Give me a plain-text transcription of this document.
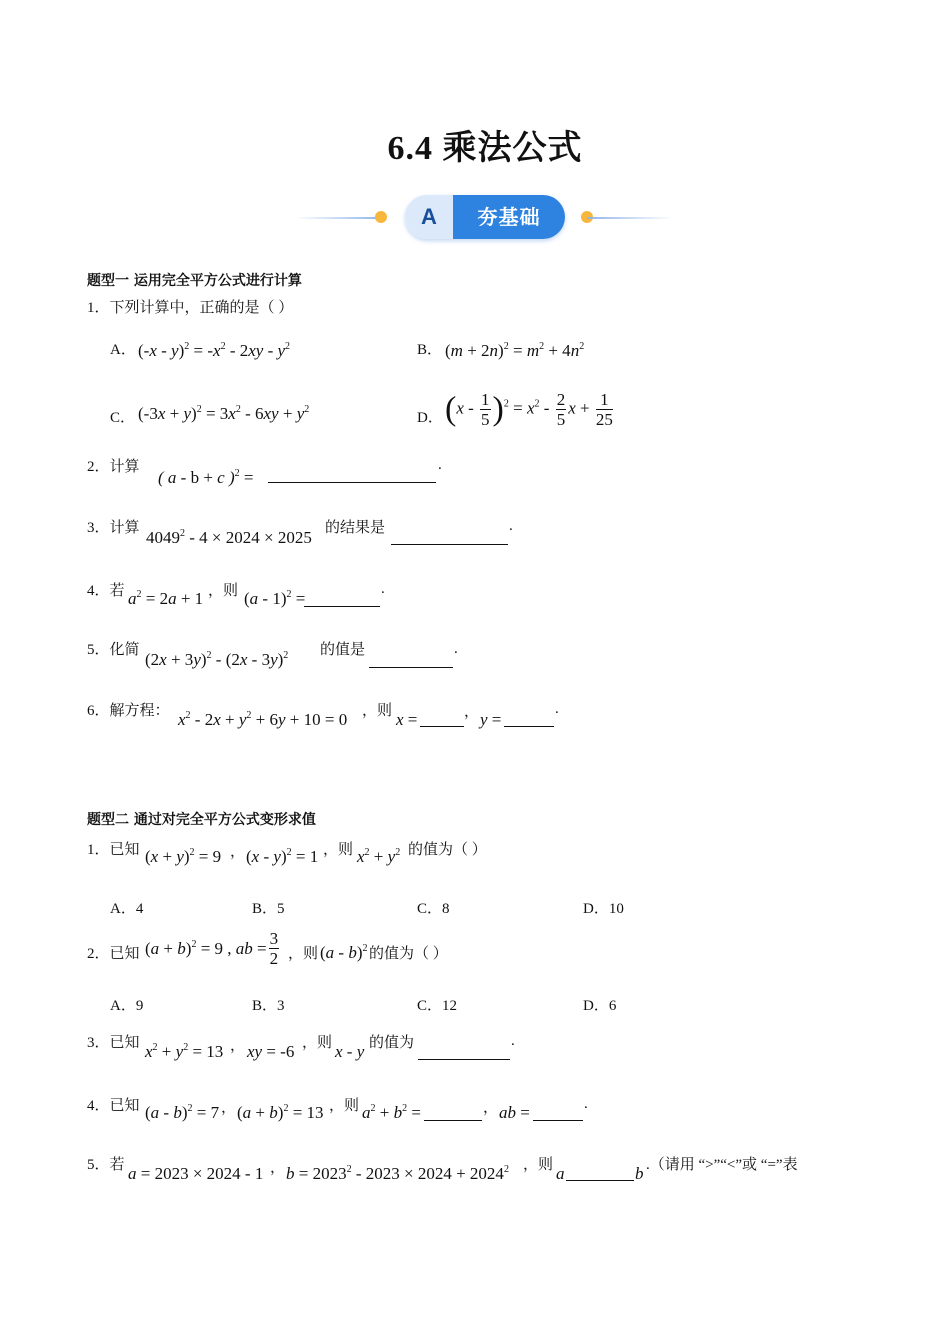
6.4 乘法公式
A	夯基础
题型一 运用完全平方公式进行计算
1．下列计算中，正确的是（ ）
A． $(-x - y)^2 = -x^2 - 2xy - y^2$	B． $(m + 2n)^2 = m^2 + 4n^2$
C． $(-3x + y)^2 = 3x^2 - 6xy + y^2$
D． $(x - \frac{1}{5} )^2 = x^2 - \frac{2}{5}$ $x + \frac{1}{25}$
2．计算
( a - b + c )$^2$ =
.
3．计算 4049$^2$ - 4 × 2024 × 2025 的结果是	.
4．若 $a^2 = 2a + 1$ ，则 (a - 1)$^2$ =	.
5．化简 $(2x + 3y)^2 - (2x - 3y)^2$ 的值是	.
6．解方程： $x^2 - 2x + y^2 + 6y + 10 = 0$ ，则 x =	， y =
.
题型二 通过对完全平方公式变形求值
1．已知 $(x + y)^2 = 9$ ， (x - y)$^2$ = 1 ，则 $x^2 + y^2$ 的值为（ ）
A．4	B．5	C．8	D．10
2．已知 $(a + b)^2 = 9$ , ab = $\frac{3}{2}$ ，则 (a - b)$^2$ 的值为（ ）
A．9	B．3	C．12	D．6
3．已知 $x^2 + y^2 = 13$ ， xy = -6 ，则 x - y 的值为	.
4．已知 (a - b)$^2$ = 7 ， $(a + b)^2 = 13$ ，则 $a^2 + b^2$ =	， ab =	.
5．若 a = 2023 × 2024 - 1 ， $b = 2023^2 - 2023 \times 2024 + 2024^2$ ，则 a	b .（请用 “>”“<”或 “=”表
